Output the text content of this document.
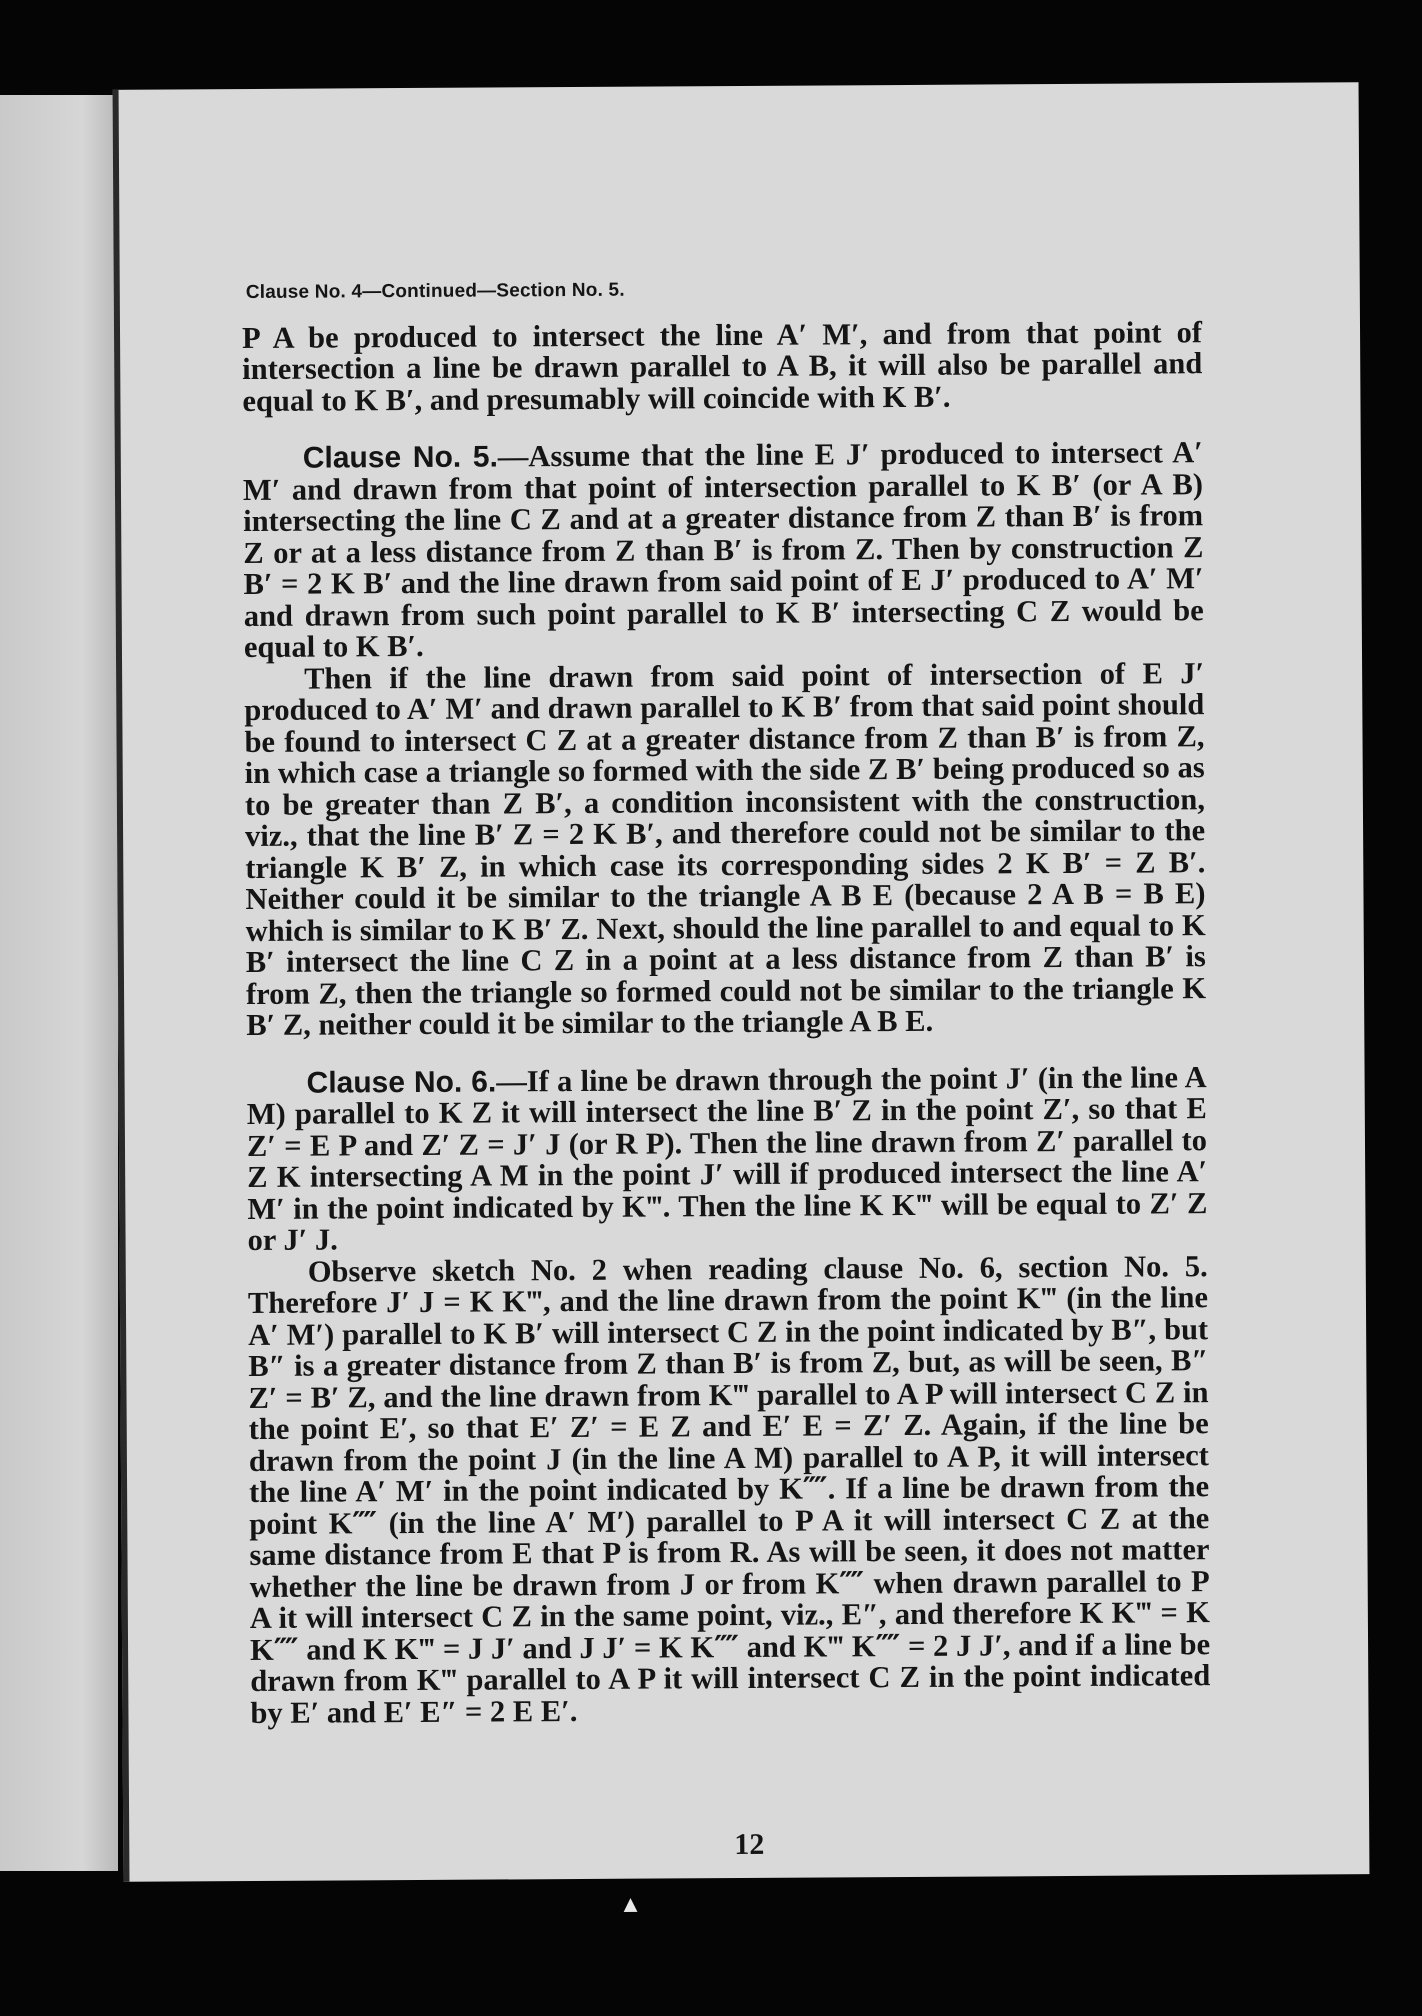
Clause No. 4—Continued—Section No. 5.

P A be produced to intersect the line A′ M′, and from that point of intersection a line be drawn parallel to A B, it will also be parallel and equal to K B′, and presumably will coincide with K B′.

Clause No. 5.—Assume that the line E J′ produced to intersect A′ M′ and drawn from that point of intersection parallel to K B′ (or A B) intersecting the line C Z and at a greater distance from Z than B′ is from Z or at a less distance from Z than B′ is from Z. Then by construction Z B′ = 2 K B′ and the line drawn from said point of E J′ produced to A′ M′ and drawn from such point parallel to K B′ intersecting C Z would be equal to K B′.

Then if the line drawn from said point of intersection of E J′ produced to A′ M′ and drawn parallel to K B′ from that said point should be found to intersect C Z at a greater distance from Z than B′ is from Z, in which case a triangle so formed with the side Z B′ being produced so as to be greater than Z B′, a condition inconsistent with the construction, viz., that the line B′ Z = 2 K B′, and therefore could not be similar to the triangle K B′ Z, in which case its corresponding sides 2 K B′ = Z B′. Neither could it be similar to the triangle A B E (because 2 A B = B E) which is similar to K B′ Z. Next, should the line parallel to and equal to K B′ intersect the line C Z in a point at a less distance from Z than B′ is from Z, then the triangle so formed could not be similar to the triangle K B′ Z, neither could it be similar to the triangle A B E.

Clause No. 6.—If a line be drawn through the point J′ (in the line A M) parallel to K Z it will intersect the line B′ Z in the point Z′, so that E Z′ = E P and Z′ Z = J′ J (or R P). Then the line drawn from Z′ parallel to Z K intersecting A M in the point J′ will if produced intersect the line A′ M′ in the point indicated by K‴. Then the line K K‴ will be equal to Z′ Z or J′ J.

Observe sketch No. 2 when reading clause No. 6, section No. 5. Therefore J′ J = K K‴, and the line drawn from the point K‴ (in the line A′ M′) parallel to K B′ will intersect C Z in the point indicated by B″, but B″ is a greater distance from Z than B′ is from Z, but, as will be seen, B″ Z′ = B′ Z, and the line drawn from K‴ parallel to A P will intersect C Z in the point E′, so that E′ Z′ = E Z and E′ E = Z′ Z. Again, if the line be drawn from the point J (in the line A M) parallel to A P, it will intersect the line A′ M′ in the point indicated by K⁗. If a line be drawn from the point K⁗ (in the line A′ M′) parallel to P A it will intersect C Z at the same distance from E that P is from R. As will be seen, it does not matter whether the line be drawn from J or from K⁗ when drawn parallel to P A it will intersect C Z in the same point, viz., E″, and therefore K K‴ = K K⁗ and K K‴ = J J′ and J J′ = K K⁗ and K‴ K⁗ = 2 J J′, and if a line be drawn from K‴ parallel to A P it will intersect C Z in the point indicated by E′ and E′ E″ = 2 E E′.

12
▲
